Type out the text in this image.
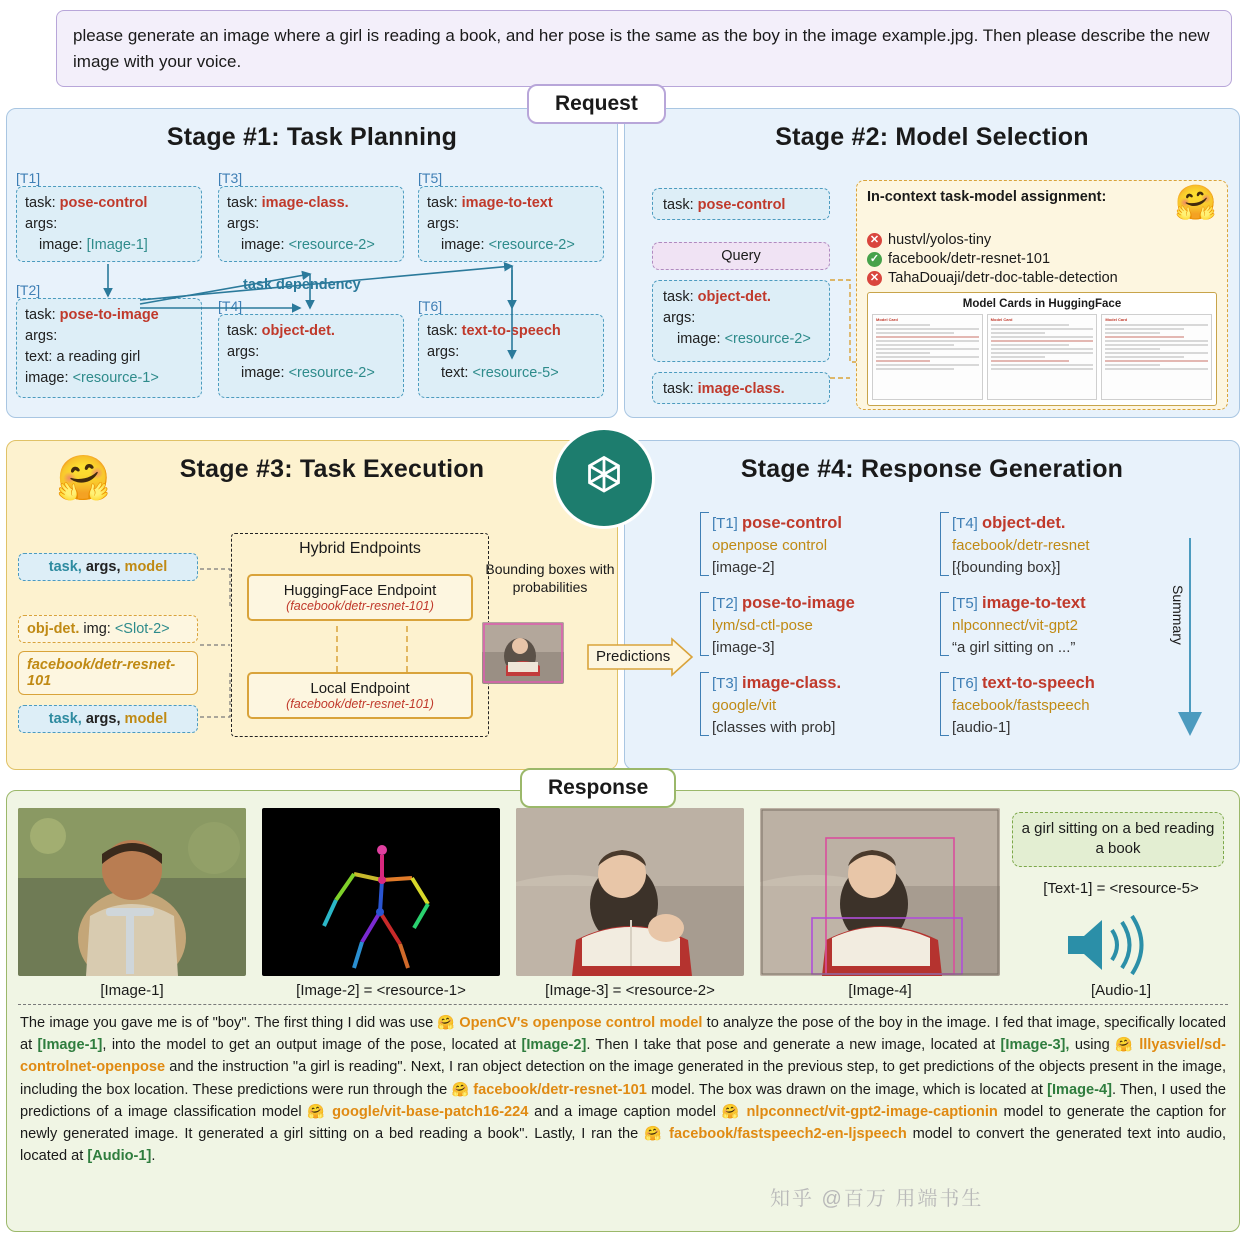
please generate an image where a girl is reading a book, and her pose is the same as the boy in the image example.jpg. Then please describe the new image with your voice.
Stage #1: Task Planning	Stage #2: Model Selection
Stage #3: Task Execution	Stage #4: Response Generation
Request
Response
[T1]
task: pose-control
args:
image: [Image-1]
[T2]
task: pose-to-image
args:
text: a reading girl
image: <resource-1>
[T3]
task: image-class.
args:
image: <resource-2>
[T4]
task: object-det.
args:
image: <resource-2>
[T5]
task: image-to-text
args:
image: <resource-2>
[T6]
task: text-to-speech
args:
text: <resource-5>
task dependency
task: pose-control
Query
task: object-det.
args:
image: <resource-2>
task: image-class.
In-context task-model assignment: 🤗
✕ hustvl/yolos-tiny
✓ facebook/detr-resnet-101
✕ TahaDouaji/detr-doc-table-detection
Model Cards in HuggingFace
Model Card	Model Card	Model Card
🤗
task, args, model
obj-det. img: <Slot-2>
facebook/detr-resnet-101
task, args, model
Hybrid Endpoints
HuggingFace Endpoint
(facebook/detr-resnet-101)
Local Endpoint
(facebook/detr-resnet-101)
Bounding boxes with probabilities
Predictions
[T1] pose-control
openpose control
[image-2]
[T2] pose-to-image
lym/sd-ctl-pose
[image-3]
[T3] image-class.
google/vit
[classes with prob]
[T4] object-det.
facebook/detr-resnet
[{bounding box}]
[T5] image-to-text
nlpconnect/vit-gpt2
“a girl sitting on ...”
[T6] text-to-speech
facebook/fastspeech
[audio-1]
Summary
a girl sitting on a bed reading a book
[Text-1] = <resource-5>
[Image-1]	[Image-2] = <resource-1>	[Image-3] = <resource-2>	[Image-4]	[Audio-1]
The image you gave me is of "boy". The first thing I did was use 🤗 OpenCV's openpose control model to analyze the pose of the boy in the image. I fed that image, specifically located at [Image-1], into the model to get an output image of the pose, located at [Image-2]. Then I take that pose and generate a new image, located at [Image-3], using 🤗 lllyasviel/sd-controlnet-openpose and the instruction "a girl is reading". Next, I ran object detection on the image generated in the previous step, to get predictions of the objects present in the image, including the box location. These predictions were run through the 🤗 facebook/detr-resnet-101 model. The box was drawn on the image, which is located at [Image-4]. Then, I used the predictions of a image classification model 🤗 google/vit-base-patch16-224 and a image caption model 🤗 nlpconnect/vit-gpt2-image-captionin model to generate the caption for newly generated image. It generated a girl sitting on a bed reading a book". Lastly, I ran the 🤗 facebook/fastspeech2-en-ljspeech model to convert the generated text into audio, located at [Audio-1].
知乎 @百万 用端书生
